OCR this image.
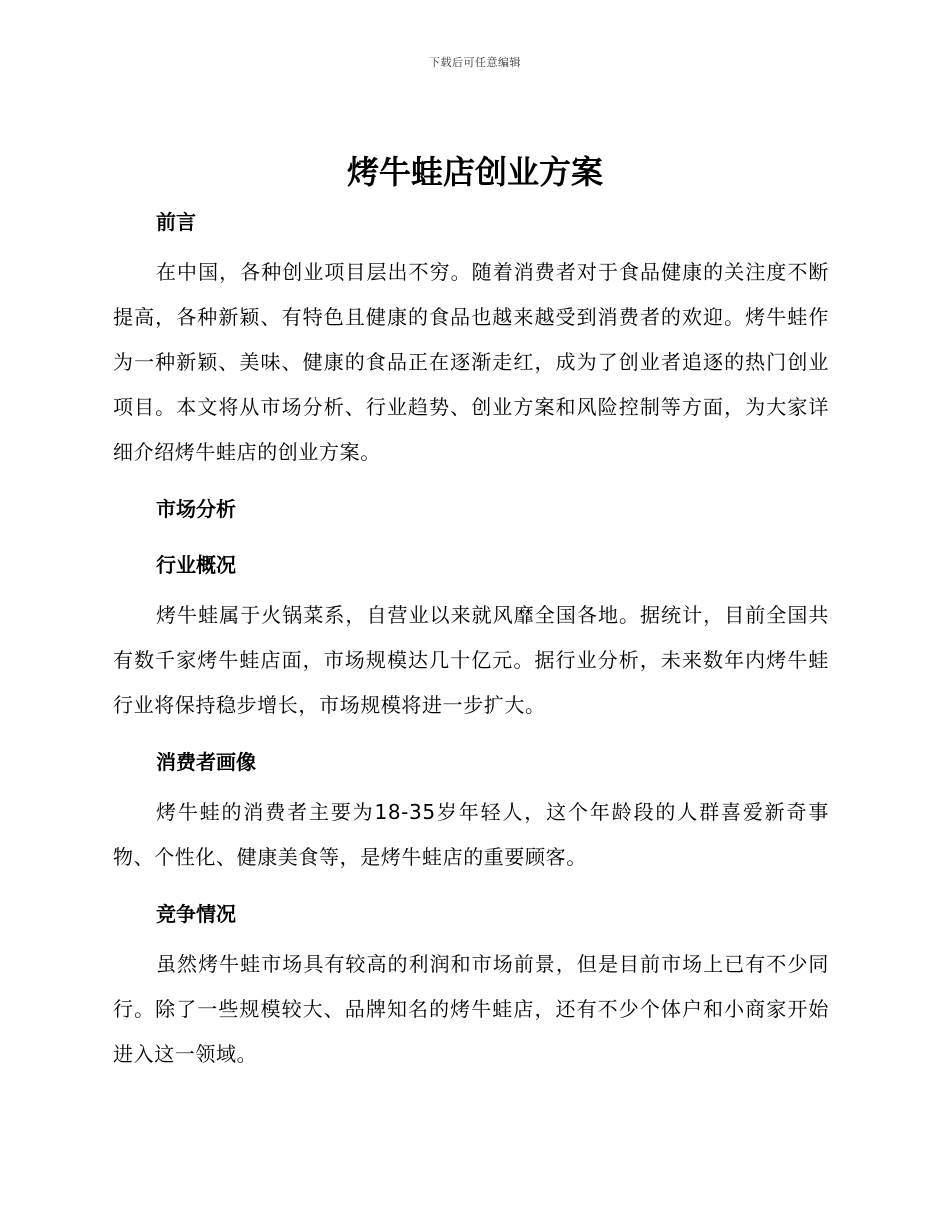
下载后可任意编辑
烤牛蛙店创业方案

前言

在中国，各种创业项目层出不穷。随着消费者对于食品健康的关注度不断提高，各种新颖、有特色且健康的食品也越来越受到消费者的欢迎。烤牛蛙作为一种新颖、美味、健康的食品正在逐渐走红，成为了创业者追逐的热门创业项目。本文将从市场分析、行业趋势、创业方案和风险控制等方面，为大家详细介绍烤牛蛙店的创业方案。

市场分析

行业概况

烤牛蛙属于火锅菜系，自营业以来就风靡全国各地。据统计，目前全国共有数千家烤牛蛙店面，市场规模达几十亿元。据行业分析，未来数年内烤牛蛙行业将保持稳步增长，市场规模将进一步扩大。

消费者画像

烤牛蛙的消费者主要为18-35岁年轻人，这个年龄段的人群喜爱新奇事物、个性化、健康美食等，是烤牛蛙店的重要顾客。

竞争情况

虽然烤牛蛙市场具有较高的利润和市场前景，但是目前市场上已有不少同行。除了一些规模较大、品牌知名的烤牛蛙店，还有不少个体户和小商家开始进入这一领域。
